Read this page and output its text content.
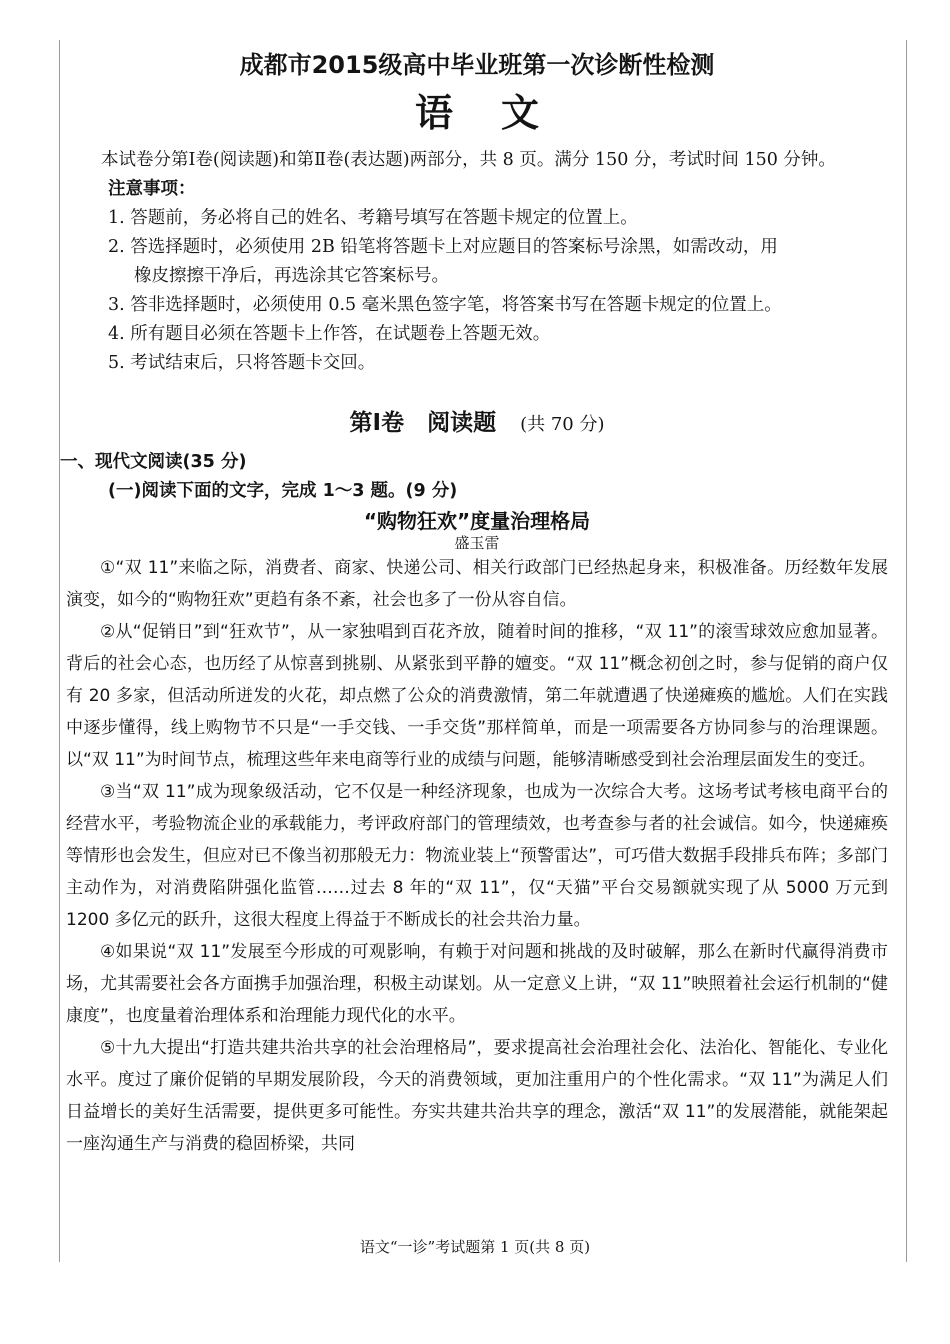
成都市2015级高中毕业班第一次诊断性检测
语文

本试卷分第Ⅰ卷(阅读题)和第Ⅱ卷(表达题)两部分，共 8 页。满分 150 分，考试时间 150 分钟。

注意事项：

1. 答题前，务必将自己的姓名、考籍号填写在答题卡规定的位置上。

2. 答选择题时，必须使用 2B 铅笔将答题卡上对应题目的答案标号涂黑，如需改动，用
橡皮擦擦干净后，再选涂其它答案标号。

3. 答非选择题时，必须使用 0.5 毫米黑色签字笔，将答案书写在答题卡规定的位置上。

4. 所有题目必须在答题卡上作答，在试题卷上答题无效。

5. 考试结束后，只将答题卡交回。

第Ⅰ卷　阅读题 (共 70 分)
一、现代文阅读(35 分)
(一)阅读下面的文字，完成 1～3 题。(9 分)
“购物狂欢”度量治理格局
盛玉雷

①“双 11”来临之际，消费者、商家、快递公司、相关行政部门已经热起身来，积极准备。历经数年发展演变，如今的“购物狂欢”更趋有条不紊，社会也多了一份从容自信。

②从“促销日”到“狂欢节”，从一家独唱到百花齐放，随着时间的推移，“双 11”的滚雪球效应愈加显著。背后的社会心态，也历经了从惊喜到挑剔、从紧张到平静的嬗变。“双 11”概念初创之时，参与促销的商户仅有 20 多家，但活动所迸发的火花，却点燃了公众的消费激情，第二年就遭遇了快递瘫痪的尴尬。人们在实践中逐步懂得，线上购物节不只是“一手交钱、一手交货”那样简单，而是一项需要各方协同参与的治理课题。以“双 11”为时间节点，梳理这些年来电商等行业的成绩与问题，能够清晰感受到社会治理层面发生的变迁。

③当“双 11”成为现象级活动，它不仅是一种经济现象，也成为一次综合大考。这场考试考核电商平台的经营水平，考验物流企业的承载能力，考评政府部门的管理绩效，也考查参与者的社会诚信。如今，快递瘫痪等情形也会发生，但应对已不像当初那般无力：物流业装上“预警雷达”，可巧借大数据手段排兵布阵；多部门主动作为，对消费陷阱强化监管……过去 8 年的“双 11”，仅“天猫”平台交易额就实现了从 5000 万元到 1200 多亿元的跃升，这很大程度上得益于不断成长的社会共治力量。

④如果说“双 11”发展至今形成的可观影响，有赖于对问题和挑战的及时破解，那么在新时代赢得消费市场，尤其需要社会各方面携手加强治理，积极主动谋划。从一定意义上讲，“双 11”映照着社会运行机制的“健康度”，也度量着治理体系和治理能力现代化的水平。

⑤十九大提出“打造共建共治共享的社会治理格局”，要求提高社会治理社会化、法治化、智能化、专业化水平。度过了廉价促销的早期发展阶段，今天的消费领域，更加注重用户的个性化需求。“双 11”为满足人们日益增长的美好生活需要，提供更多可能性。夯实共建共治共享的理念，激活“双 11”的发展潜能，就能架起一座沟通生产与消费的稳固桥梁，共同

语文“一诊”考试题第 1 页(共 8 页)
